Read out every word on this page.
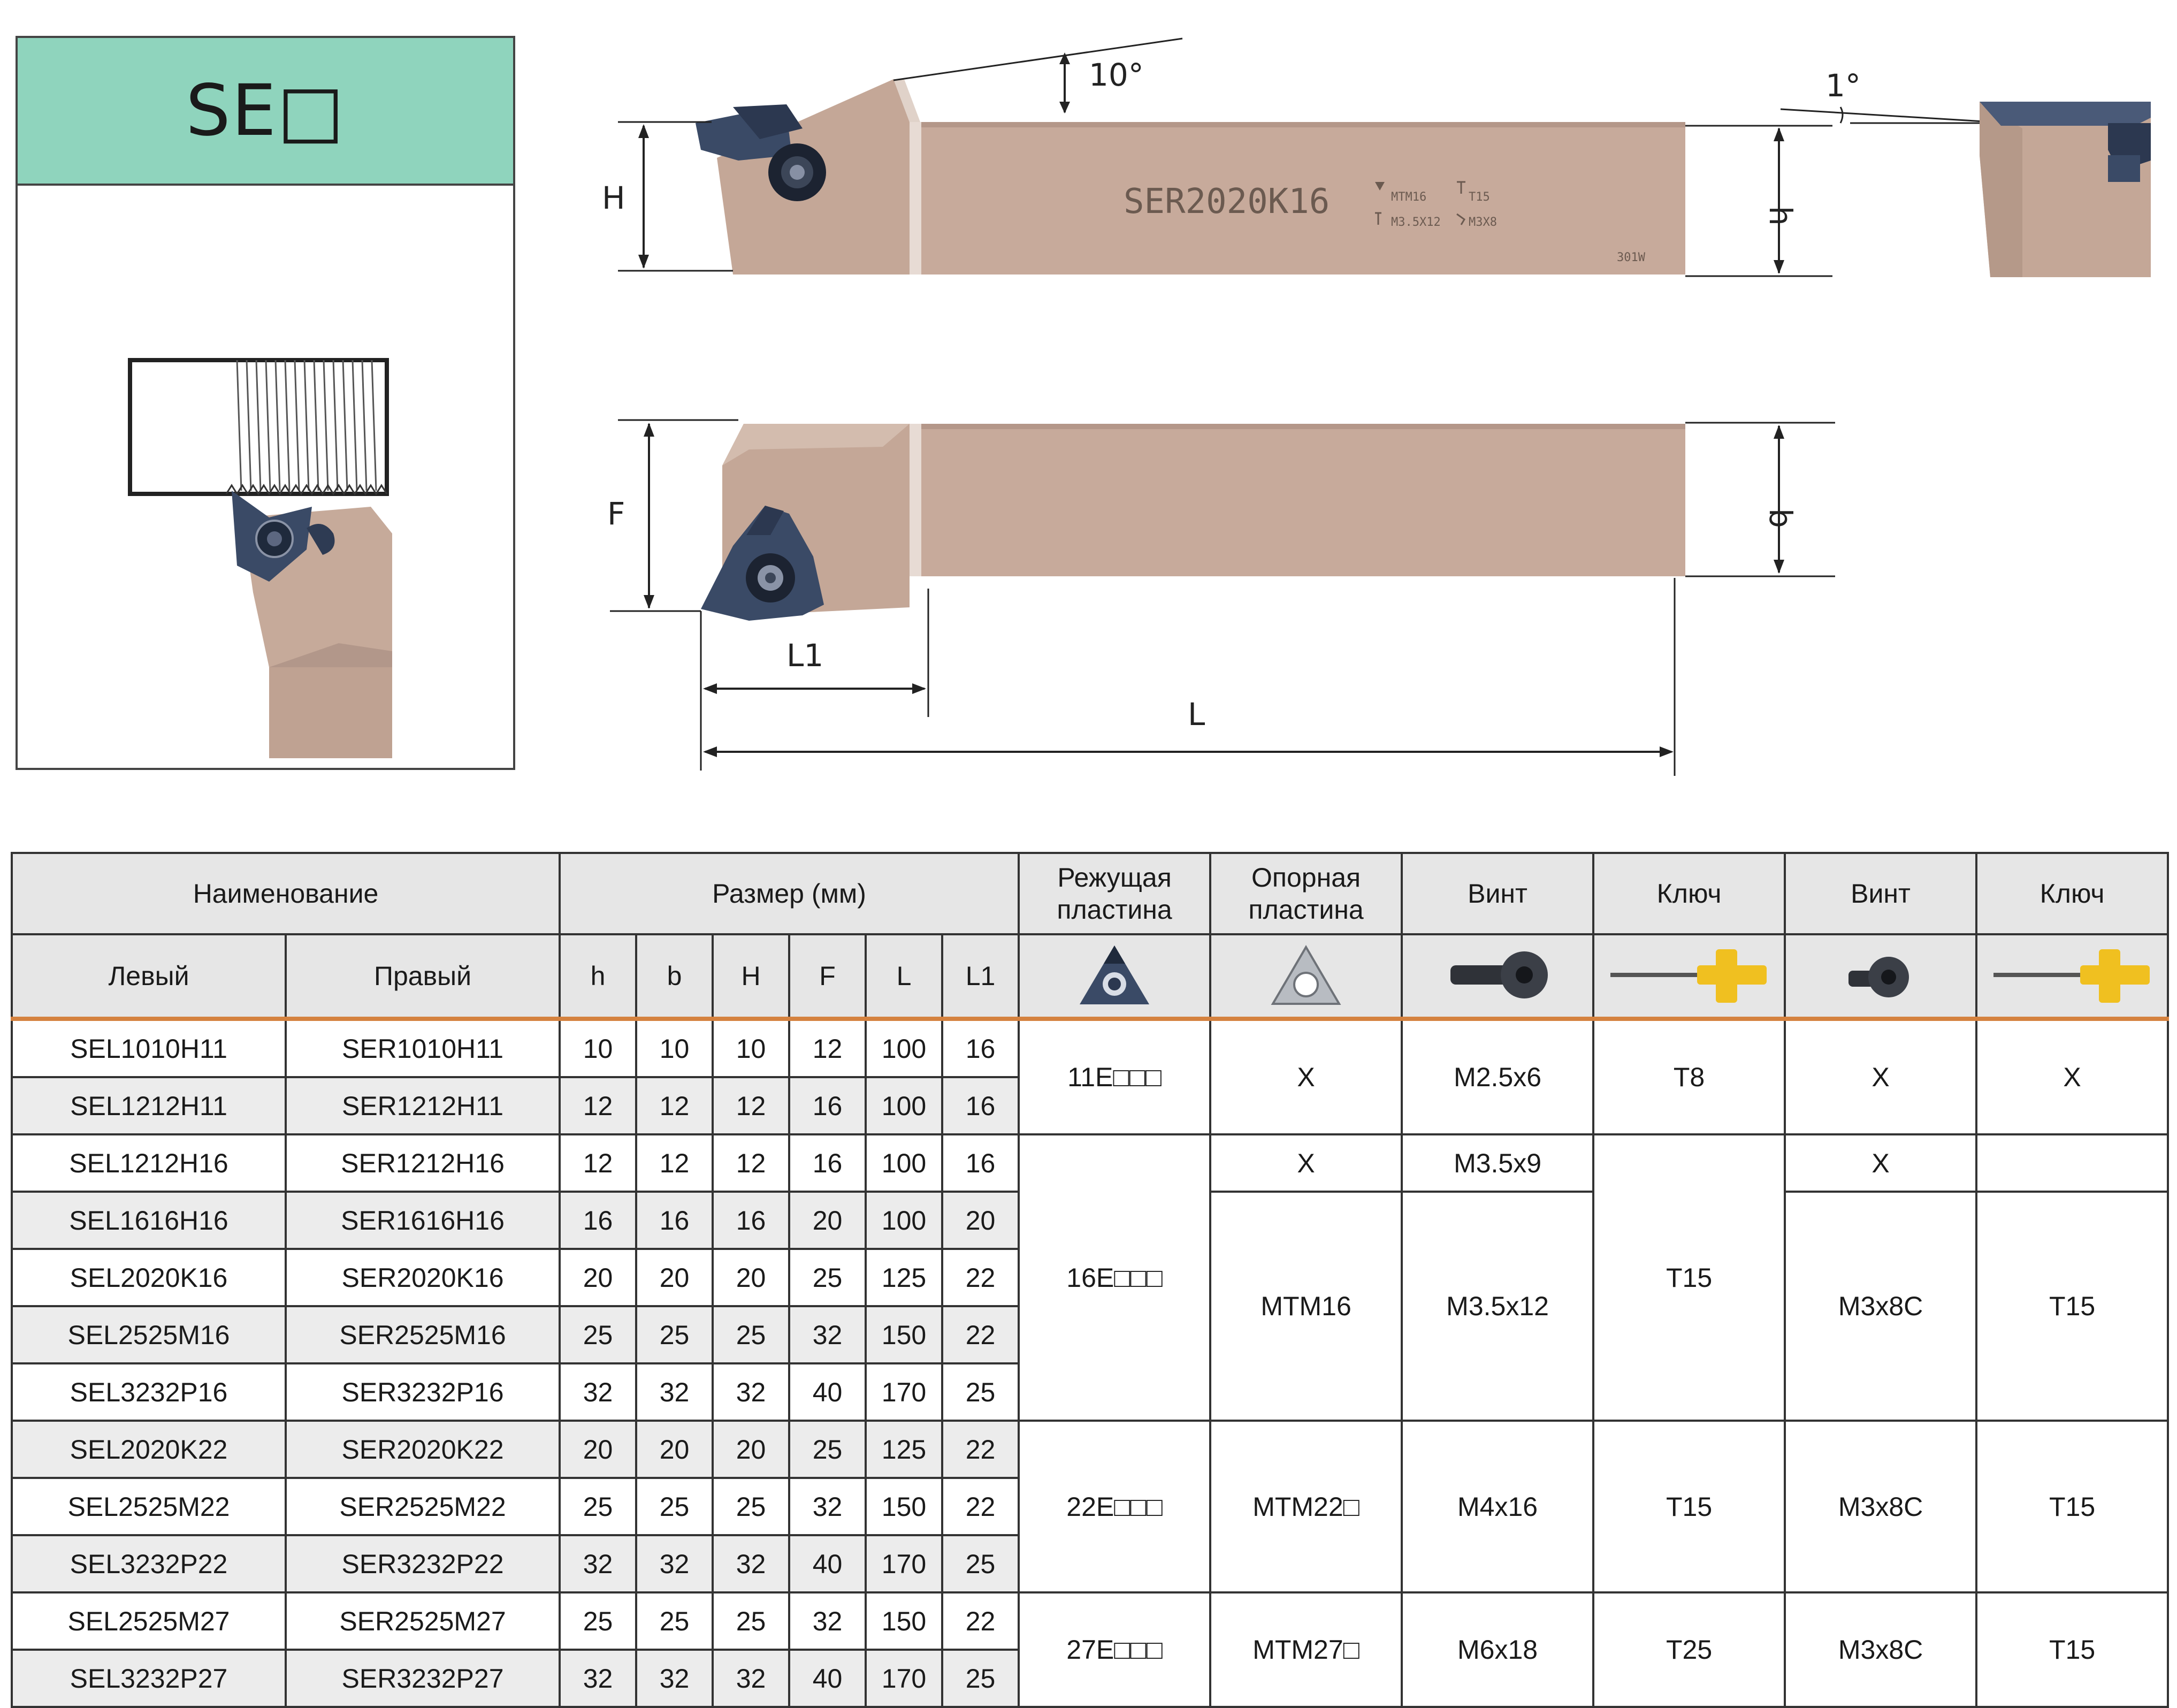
SE□
SER2020K16	MTM16	T15
M3.5X12 M3X8
301W
10°
H	h
1°
F	b
L1
L
Наименование		Размер (мм)						Режущая пластина	Опорная пластина	Винт	Ключ	Винт	Ключ
Левый	Правый	h	b	H	F	L	L1	

SEL1010H11	SER1010H11	10	10	10	12	100	16	11E□□□	X	M2.5x6	T8	X	X
SEL1212H11	SER1212H11	12	12	12	16	100	16						
SEL1212H16	SER1212H16	12	12	12	16	100	16	16E□□□	X	M3.5x9	T15	X	
SEL1616H16	SER1616H16	16	16	16	20	100	20		MTM16	M3.5x12		M3x8C	T15
SEL2020K16	SER2020K16	20	20	20	25	125	22						
SEL2525M16	SER2525M16	25	25	25	32	150	22						
SEL3232P16	SER3232P16	32	32	32	40	170	25						
SEL2020K22	SER2020K22	20	20	20	25	125	22	22E□□□	MTM22□	M4x16	T15	M3x8C	T15
SEL2525M22	SER2525M22	25	25	25	32	150	22						
SEL3232P22	SER3232P22	32	32	32	40	170	25						
SEL2525M27	SER2525M27	25	25	25	32	150	22	27E□□□	MTM27□	M6x18	T25	M3x8C	T15
SEL3232P27	SER3232P27	32	32	32	40	170	25						
